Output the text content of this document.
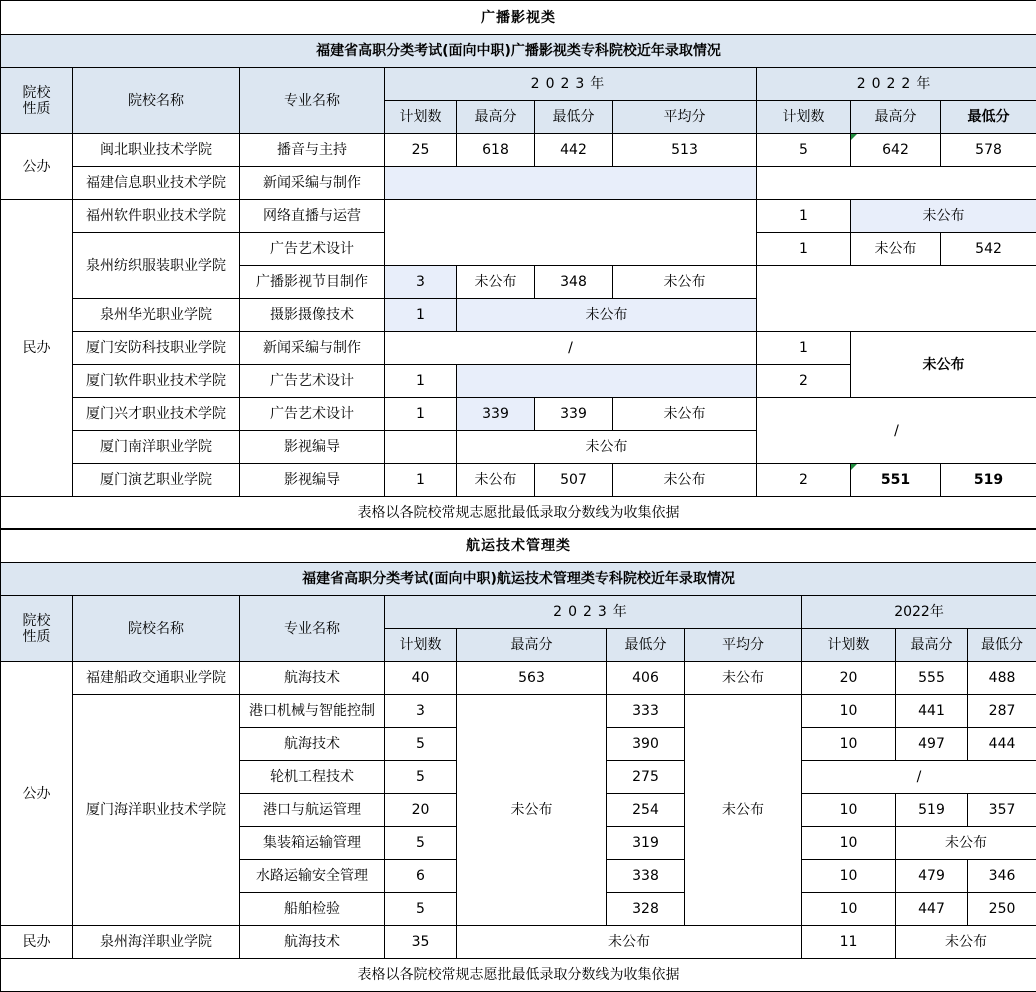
广播影视类									
福建省高职分类考试(面向中职)广播影视类专科院校近年录取情况									
院校
性质	院校名称	专业名称	2023年				2022年		
			计划数	最高分	最低分	平均分	计划数	最高分	最低分
公办	闽北职业技术学院	播音与主持	25	618	442	513	5	642	578
	福建信息职业技术学院	新闻采编与制作							
民办	福州软件职业技术学院	网络直播与运营					1	未公布	
	泉州纺织服装职业学院	广告艺术设计					1	未公布	542
		广播影视节目制作	3	未公布	348	未公布			
	泉州华光职业学院	摄影摄像技术	1	未公布					
	厦门安防科技职业学院	新闻采编与制作	/				1	未公布	
	厦门软件职业技术学院	广告艺术设计	1				2		
	厦门兴才职业技术学院	广告艺术设计	1	339	339	未公布	/		
	厦门南洋职业学院	影视编导		未公布					
	厦门演艺职业学院	影视编导	1	未公布	507	未公布	2	551	519
表格以各院校常规志愿批最低录取分数线为收集依据									
航运技术管理类									
福建省高职分类考试(面向中职)航运技术管理类专科院校近年录取情况									
院校
性质	院校名称	专业名称	2023年				2022年		
			计划数	最高分	最低分	平均分	计划数	最高分	最低分
公办	福建船政交通职业学院	航海技术	40	563	406	未公布	20	555	488
	厦门海洋职业技术学院	港口机械与智能控制	3	未公布	333	未公布	10	441	287
		航海技术	5		390		10	497	444
		轮机工程技术	5		275		/		
		港口与航运管理	20		254		10	519	357
		集装箱运输管理	5		319		10	未公布	
		水路运输安全管理	6		338		10	479	346
		船舶检验	5		328		10	447	250
民办	泉州海洋职业学院	航海技术	35	未公布			11	未公布	
表格以各院校常规志愿批最低录取分数线为收集依据									
